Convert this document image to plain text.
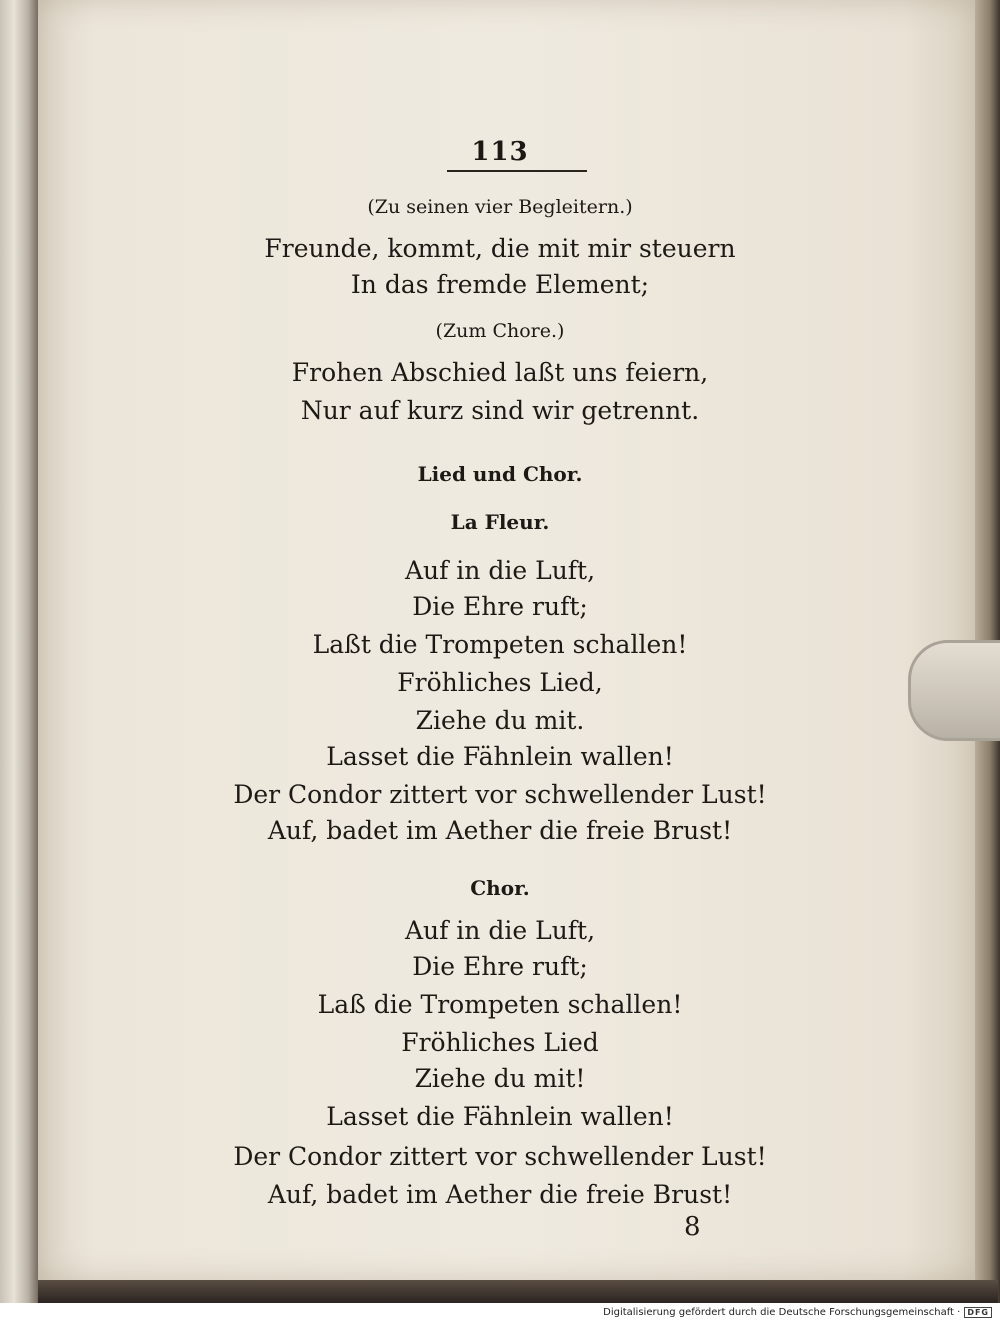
113
(Zu seinen vier Begleitern.)
Freunde, kommt, die mit mir steuern
In das fremde Element;
(Zum Chore.)
Frohen Abschied laßt uns feiern,
Nur auf kurz sind wir getrennt.
Lied und Chor.
La Fleur.
Auf in die Luft,
Die Ehre ruft;
Laßt die Trompeten schallen!
Fröhliches Lied,
Ziehe du mit.
Lasset die Fähnlein wallen!
Der Condor zittert vor schwellender Lust!
Auf, badet im Aether die freie Brust!
Chor.
Auf in die Luft,
Die Ehre ruft;
Laß die Trompeten schallen!
Fröhliches Lied
Ziehe du mit!
Lasset die Fähnlein wallen!
Der Condor zittert vor schwellender Lust!
Auf, badet im Aether die freie Brust!
8
Digitalisierung gefördert durch die Deutsche Forschungsgemeinschaft · DFG
